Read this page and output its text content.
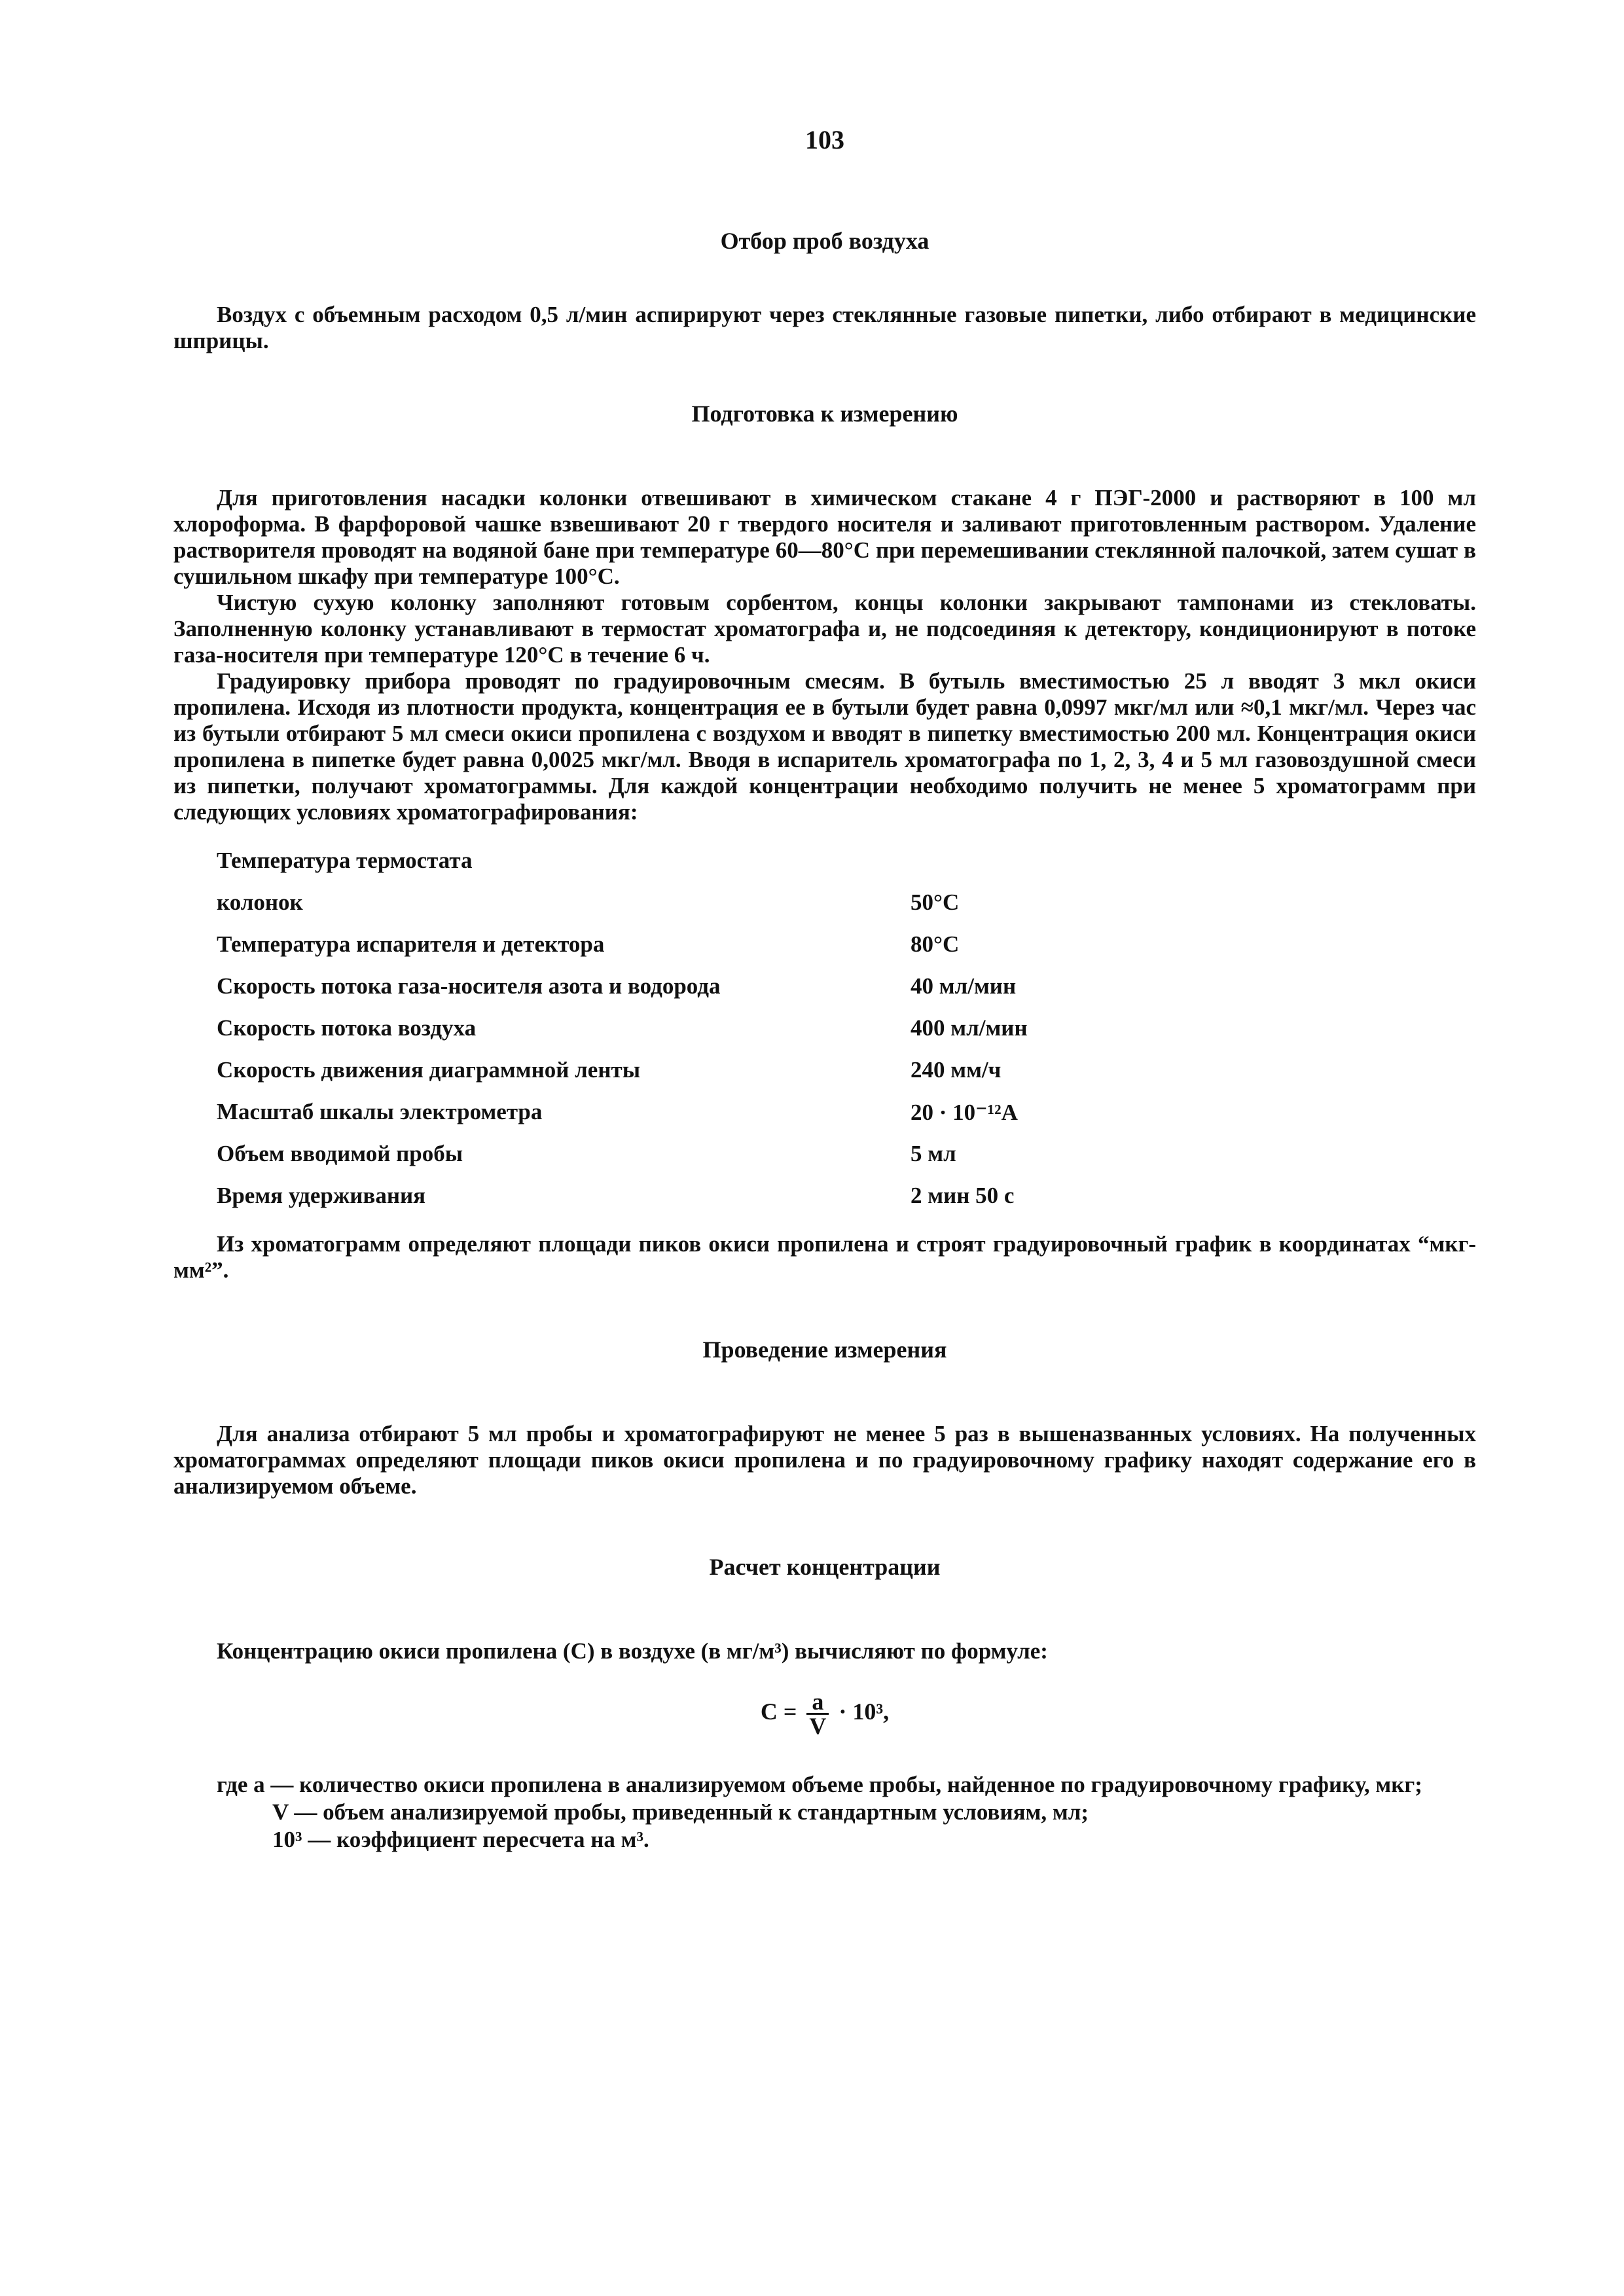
103
Отбор проб воздуха

Воздух с объемным расходом 0,5 л/мин аспирируют через стеклянные газовые пипетки, либо отбирают в медицинские шприцы.

Подготовка к измерению

Для приготовления насадки колонки отвешивают в химическом стакане 4 г ПЭГ-2000 и растворяют в 100 мл хлороформа. В фарфоровой чашке взвешивают 20 г твердого носителя и заливают приготовленным раствором. Удаление растворителя проводят на водяной бане при температуре 60—80°С при перемешивании стеклянной палочкой, затем сушат в сушильном шкафу при температуре 100°С.

Чистую сухую колонку заполняют готовым сорбентом, концы колонки закрывают тампонами из стекловаты. Заполненную колонку устанавливают в термостат хроматографа и, не подсоединяя к детектору, кондиционируют в потоке газа-носителя при температуре 120°С в течение 6 ч.

Градуировку прибора проводят по градуировочным смесям. В бутыль вместимостью 25 л вводят 3 мкл окиси пропилена. Исходя из плотности продукта, концентрация ее в бутыли будет равна 0,0997 мкг/мл или ≈0,1 мкг/мл. Через час из бутыли отбирают 5 мл смеси окиси пропилена с воздухом и вводят в пипетку вместимостью 200 мл. Концентрация окиси пропилена в пипетке будет равна 0,0025 мкг/мл. Вводя в испаритель хроматографа по 1, 2, 3, 4 и 5 мл газовоздушной смеси из пипетки, получают хроматограммы. Для каждой концентрации необходимо получить не менее 5 хроматограмм при следующих условиях хроматографирования:

Температура термостата	
колонок	50°С
Температура испарителя и детектора	80°С
Скорость потока газа-носителя азота и водорода	40 мл/мин
Скорость потока воздуха	400 мл/мин
Скорость движения диаграммной ленты	240 мм/ч
Масштаб шкалы электрометра	20 · 10⁻¹²A
Объем вводимой пробы	5 мл
Время удерживания	2 мин 50 с

Из хроматограмм определяют площади пиков окиси пропилена и строят градуировочный график в координатах “мкг-мм²”.

Проведение измерения

Для анализа отбирают 5 мл пробы и хроматографируют не менее 5 раз в вышеназванных условиях. На полученных хроматограммах определяют площади пиков окиси пропилена и по градуировочному графику находят содержание его в анализируемом объеме.

Расчет концентрации

Концентрацию окиси пропилена (С) в воздухе (в мг/м³) вычисляют по формуле:

$С = \frac{а}{V} \cdot 10^3$,

где а — количество окиси пропилена в анализируемом объеме пробы, найденное по градуировочному графику, мкг;

V — объем анализируемой пробы, приведенный к стандартным условиям, мл;

10³ — коэффициент пересчета на м³.
